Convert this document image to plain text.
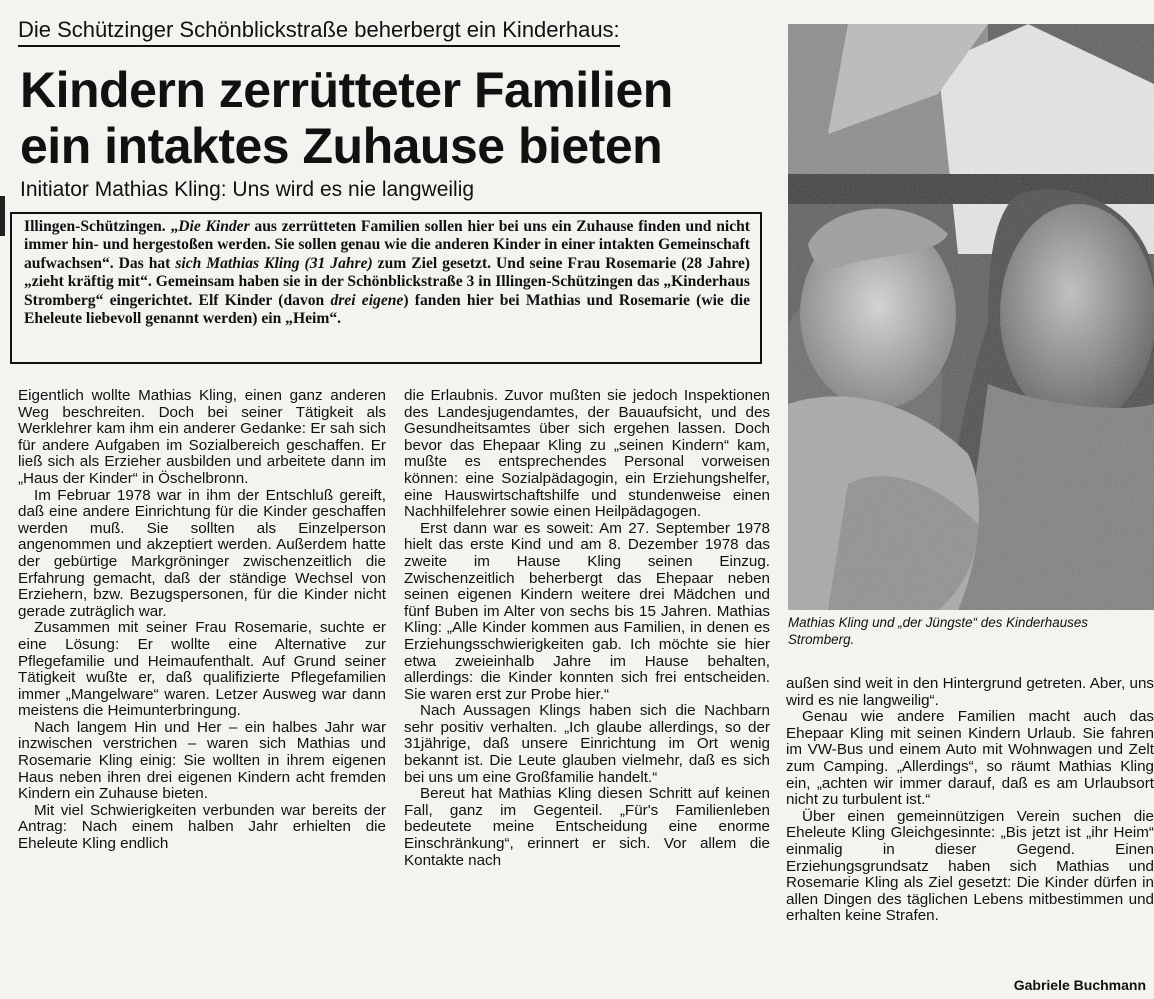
Die Schützinger Schönblickstraße beherbergt ein Kinderhaus:
Kindern zerrütteter Familien
ein intaktes Zuhause bieten
Initiator Mathias Kling: Uns wird es nie langweilig
Illingen-Schützingen. „Die Kinder aus zerrütteten Familien sollen hier bei uns ein Zuhause finden und nicht immer hin- und hergestoßen werden. Sie sollen genau wie die anderen Kinder in einer intakten Gemeinschaft aufwachsen“. Das hat sich Mathias Kling (31 Jahre) zum Ziel gesetzt. Und seine Frau Rosemarie (28 Jahre) „zieht kräftig mit“. Gemeinsam haben sie in der Schönblickstraße 3 in Illingen-Schützingen das „Kinderhaus Stromberg“ eingerichtet. Elf Kinder (davon drei eigene) fanden hier bei Mathias und Rosemarie (wie die Eheleute liebevoll genannt werden) ein „Heim“.

Eigentlich wollte Mathias Kling, einen ganz anderen Weg beschreiten. Doch bei seiner Tätigkeit als Werklehrer kam ihm ein anderer Gedanke: Er sah sich für andere Aufgaben im Sozialbereich geschaffen. Er ließ sich als Erzieher ausbilden und arbeitete dann im „Haus der Kinder“ in Öschelbronn.

Im Februar 1978 war in ihm der Entschluß gereift, daß eine andere Einrichtung für die Kinder geschaffen werden muß. Sie sollten als Einzelperson angenommen und akzeptiert werden. Außerdem hatte der gebürtige Markgröninger zwischenzeitlich die Erfahrung gemacht, daß der ständige Wechsel von Erziehern, bzw. Bezugspersonen, für die Kinder nicht gerade zuträglich war.

Zusammen mit seiner Frau Rosemarie, suchte er eine Lösung: Er wollte eine Alternative zur Pflegefamilie und Heimaufenthalt. Auf Grund seiner Tätigkeit wußte er, daß qualifizierte Pflegefamilien immer „Mangelware“ waren. Letzer Ausweg war dann meistens die Heimunterbringung.

Nach langem Hin und Her – ein halbes Jahr war inzwischen verstrichen – waren sich Mathias und Rosemarie Kling einig: Sie wollten in ihrem eigenen Haus neben ihren drei eigenen Kindern acht fremden Kindern ein Zuhause bieten.

Mit viel Schwierigkeiten verbunden war bereits der Antrag: Nach einem halben Jahr erhielten die Eheleute Kling endlich

die Erlaubnis. Zuvor mußten sie jedoch Inspektionen des Landesjugendamtes, der Bauaufsicht, und des Gesundheitsamtes über sich ergehen lassen. Doch bevor das Ehepaar Kling zu „seinen Kindern“ kam, mußte es entsprechendes Personal vorweisen können: eine Sozialpädagogin, ein Erziehungshelfer, eine Hauswirtschaftshilfe und stundenweise einen Nachhilfelehrer sowie einen Heilpädagogen.

Erst dann war es soweit: Am 27. September 1978 hielt das erste Kind und am 8. Dezember 1978 das zweite im Hause Kling seinen Einzug. Zwischenzeitlich beherbergt das Ehepaar neben seinen eigenen Kindern weitere drei Mädchen und fünf Buben im Alter von sechs bis 15 Jahren. Mathias Kling: „Alle Kinder kommen aus Familien, in denen es Erziehungsschwierigkeiten gab. Ich möchte sie hier etwa zweieinhalb Jahre im Hause behalten, allerdings: die Kinder konnten sich frei entscheiden. Sie waren erst zur Probe hier.“

Nach Aussagen Klings haben sich die Nachbarn sehr positiv verhalten. „Ich glaube allerdings, so der 31jährige, daß unsere Einrichtung im Ort wenig bekannt ist. Die Leute glauben vielmehr, daß es sich bei uns um eine Großfamilie handelt.“

Bereut hat Mathias Kling diesen Schritt auf keinen Fall, ganz im Gegenteil. „Für's Familienleben bedeutete meine Entscheidung eine enorme Einschränkung“, erinnert er sich. Vor allem die Kontakte nach

Mathias Kling und „der Jüngste“ des Kinderhauses Stromberg.

außen sind weit in den Hintergrund getreten. Aber, uns wird es nie langweilig“.

Genau wie andere Familien macht auch das Ehepaar Kling mit seinen Kindern Urlaub. Sie fahren im VW-Bus und einem Auto mit Wohnwagen und Zelt zum Camping. „Allerdings“, so räumt Mathias Kling ein, „achten wir immer darauf, daß es am Urlaubsort nicht zu turbulent ist.“

Über einen gemeinnützigen Verein suchen die Eheleute Kling Gleichgesinnte: „Bis jetzt ist „ihr Heim“ einmalig in dieser Gegend. Einen Erziehungsgrundsatz haben sich Mathias und Rosemarie Kling als Ziel gesetzt: Die Kinder dürfen in allen Dingen des täglichen Lebens mitbestimmen und erhalten keine Strafen.

Gabriele Buchmann
